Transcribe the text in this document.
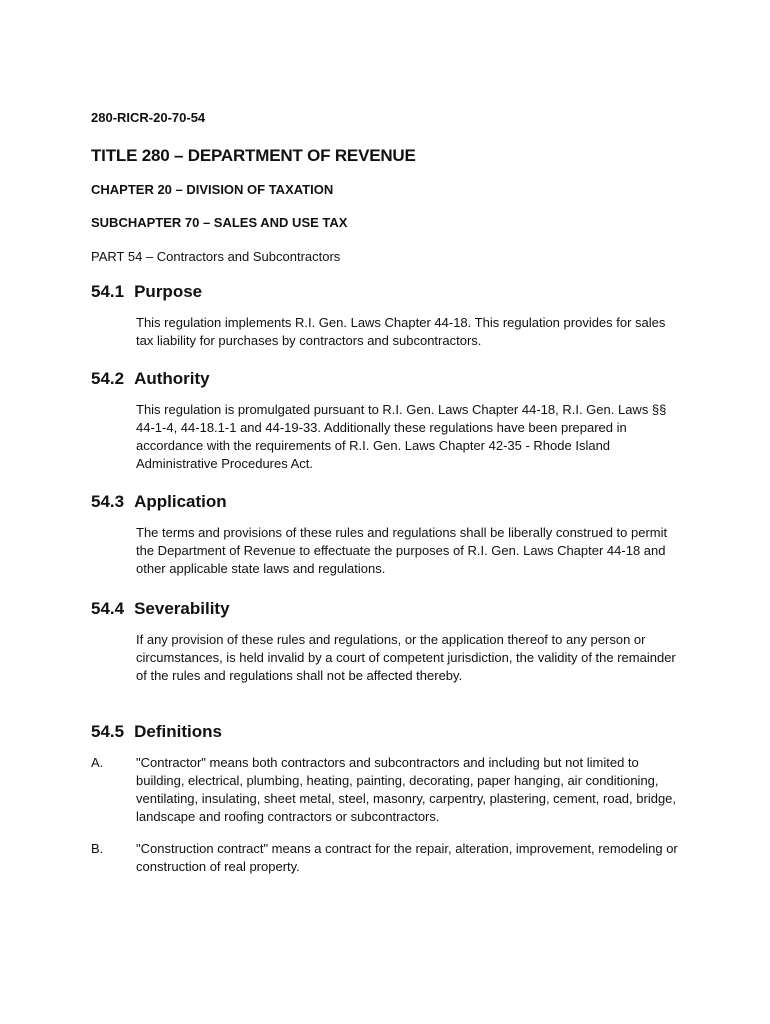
280-RICR-20-70-54
TITLE 280 – DEPARTMENT OF REVENUE
CHAPTER 20 – DIVISION OF TAXATION
SUBCHAPTER 70 – SALES AND USE TAX
PART 54 – Contractors and Subcontractors
54.1 Purpose
This regulation implements R.I. Gen. Laws Chapter 44-18. This regulation provides for sales tax liability for purchases by contractors and subcontractors.
54.2 Authority
This regulation is promulgated pursuant to R.I. Gen. Laws Chapter 44-18, R.I. Gen. Laws §§ 44-1-4, 44-18.1-1 and 44-19-33. Additionally these regulations have been prepared in accordance with the requirements of R.I. Gen. Laws Chapter 42-35 - Rhode Island Administrative Procedures Act.
54.3 Application
The terms and provisions of these rules and regulations shall be liberally construed to permit the Department of Revenue to effectuate the purposes of R.I. Gen. Laws Chapter 44-18 and other applicable state laws and regulations.
54.4 Severability
If any provision of these rules and regulations, or the application thereof to any person or circumstances, is held invalid by a court of competent jurisdiction, the validity of the remainder of the rules and regulations shall not be affected thereby.
54.5 Definitions
A.	"Contractor" means both contractors and subcontractors and including but not limited to building, electrical, plumbing, heating, painting, decorating, paper hanging, air conditioning, ventilating, insulating, sheet metal, steel, masonry, carpentry, plastering, cement, road, bridge, landscape and roofing contractors or subcontractors.
B.	"Construction contract" means a contract for the repair, alteration, improvement, remodeling or construction of real property.
